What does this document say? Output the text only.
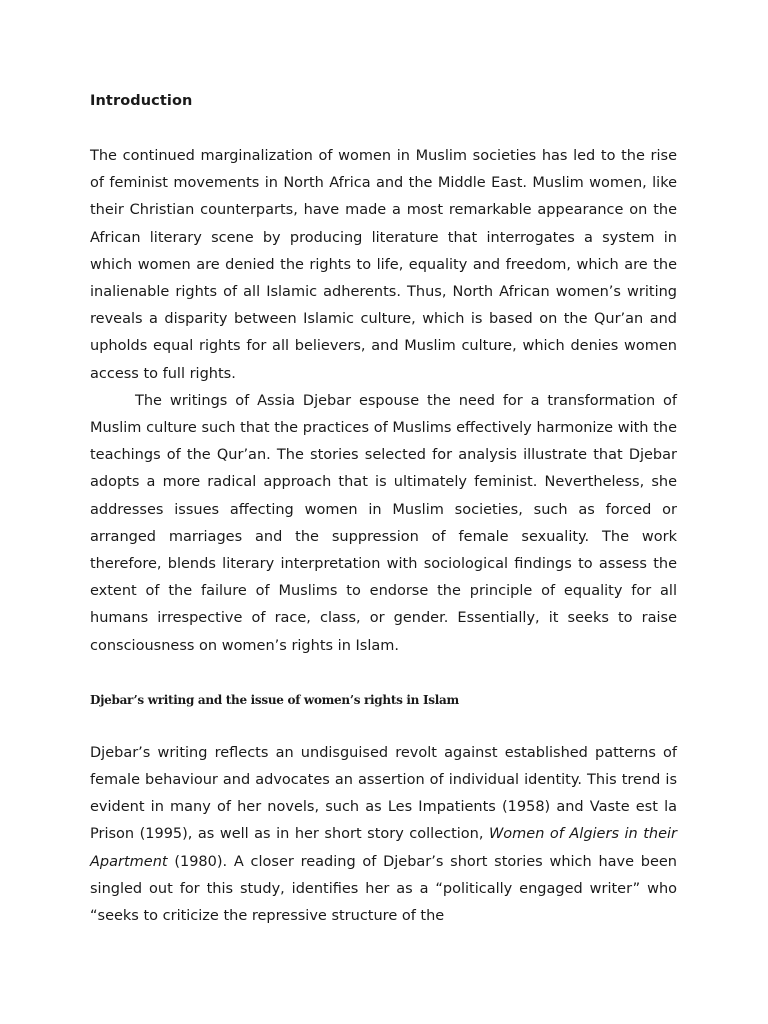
Introduction

The continued marginalization of women in Muslim societies has led to the rise of feminist movements in North Africa and the Middle East. Muslim women, like their Christian counterparts, have made a most remarkable appearance on the African literary scene by producing literature that interrogates a system in which women are denied the rights to life, equality and freedom, which are the inalienable rights of all Islamic adherents. Thus, North African women’s writing reveals a disparity between Islamic culture, which is based on the Qur’an and upholds equal rights for all believers, and Muslim culture, which denies women access to full rights.

The writings of Assia Djebar espouse the need for a transformation of Muslim culture such that the practices of Muslims effectively harmonize with the teachings of the Qur’an. The stories selected for analysis illustrate that Djebar adopts a more radical approach that is ultimately feminist. Nevertheless, she addresses issues affecting women in Muslim societies, such as forced or arranged marriages and the suppression of female sexuality. The work therefore, blends literary interpretation with sociological findings to assess the extent of the failure of Muslims to endorse the principle of equality for all humans irrespective of race, class, or gender. Essentially, it seeks to raise consciousness on women’s rights in Islam.

Djebar’s writing and the issue of women’s rights in Islam

Djebar’s writing reflects an undisguised revolt against established patterns of female behaviour and advocates an assertion of individual identity. This trend is evident in many of her novels, such as Les Impatients (1958) and Vaste est la Prison (1995), as well as in her short story collection, Women of Algiers in their Apartment (1980). A closer reading of Djebar’s short stories which have been singled out for this study, identifies her as a “politically engaged writer” who “seeks to criticize the repressive structure of the
